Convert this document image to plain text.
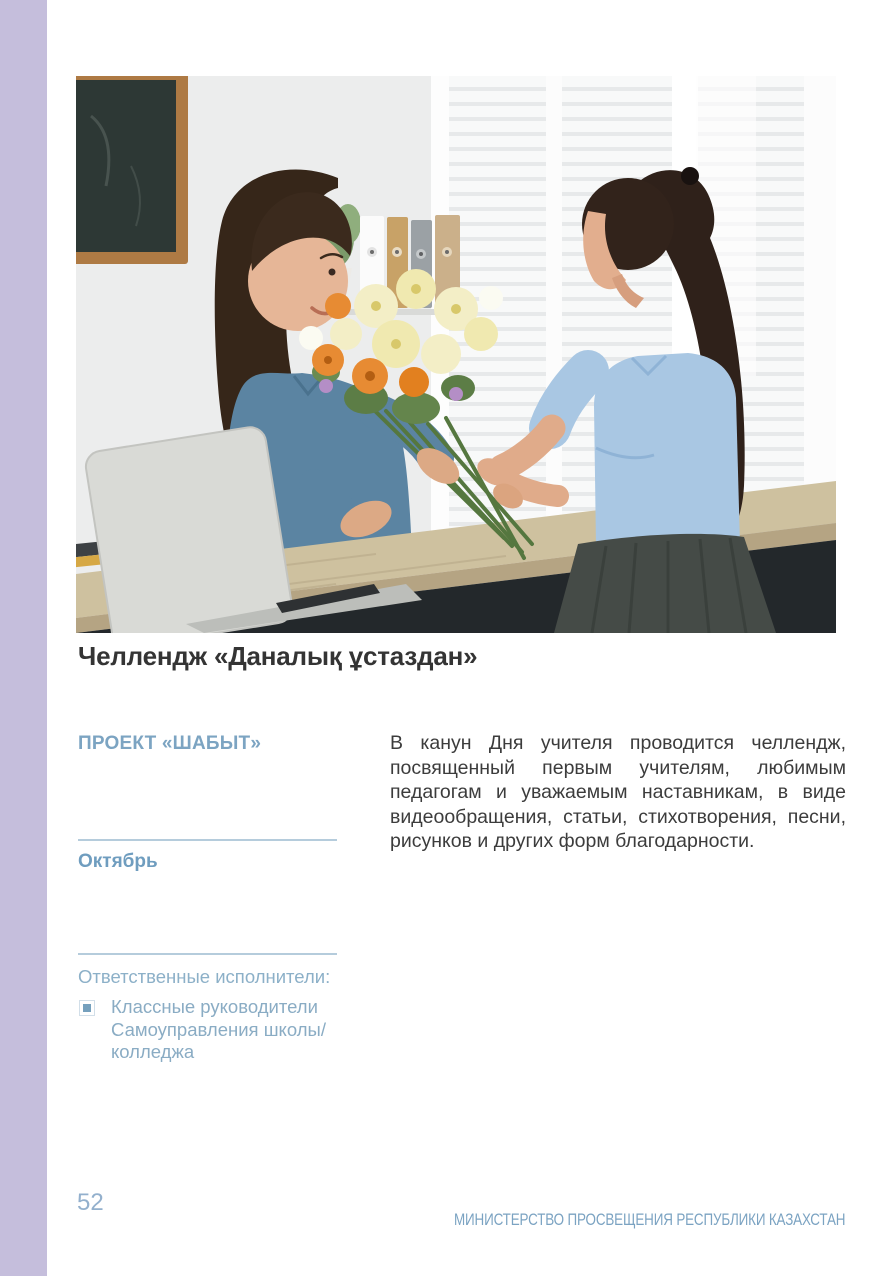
Челлендж «Даналық ұстаздан»
ПРОЕКТ «ШАБЫТ»
Октябрь
Ответственные исполнители:
Классные руководители Самоуправления школы/колледжа

В канун Дня учителя проводится челлендж, посвященный первым учителям, любимым педагогам и уважаемым наставникам, в виде видеообращения, статьи, стихотворения, песни, рисунков и других форм благодарности.

52
МИНИСТЕРСТВО ПРОСВЕЩЕНИЯ РЕСПУБЛИКИ КАЗАХСТАН
